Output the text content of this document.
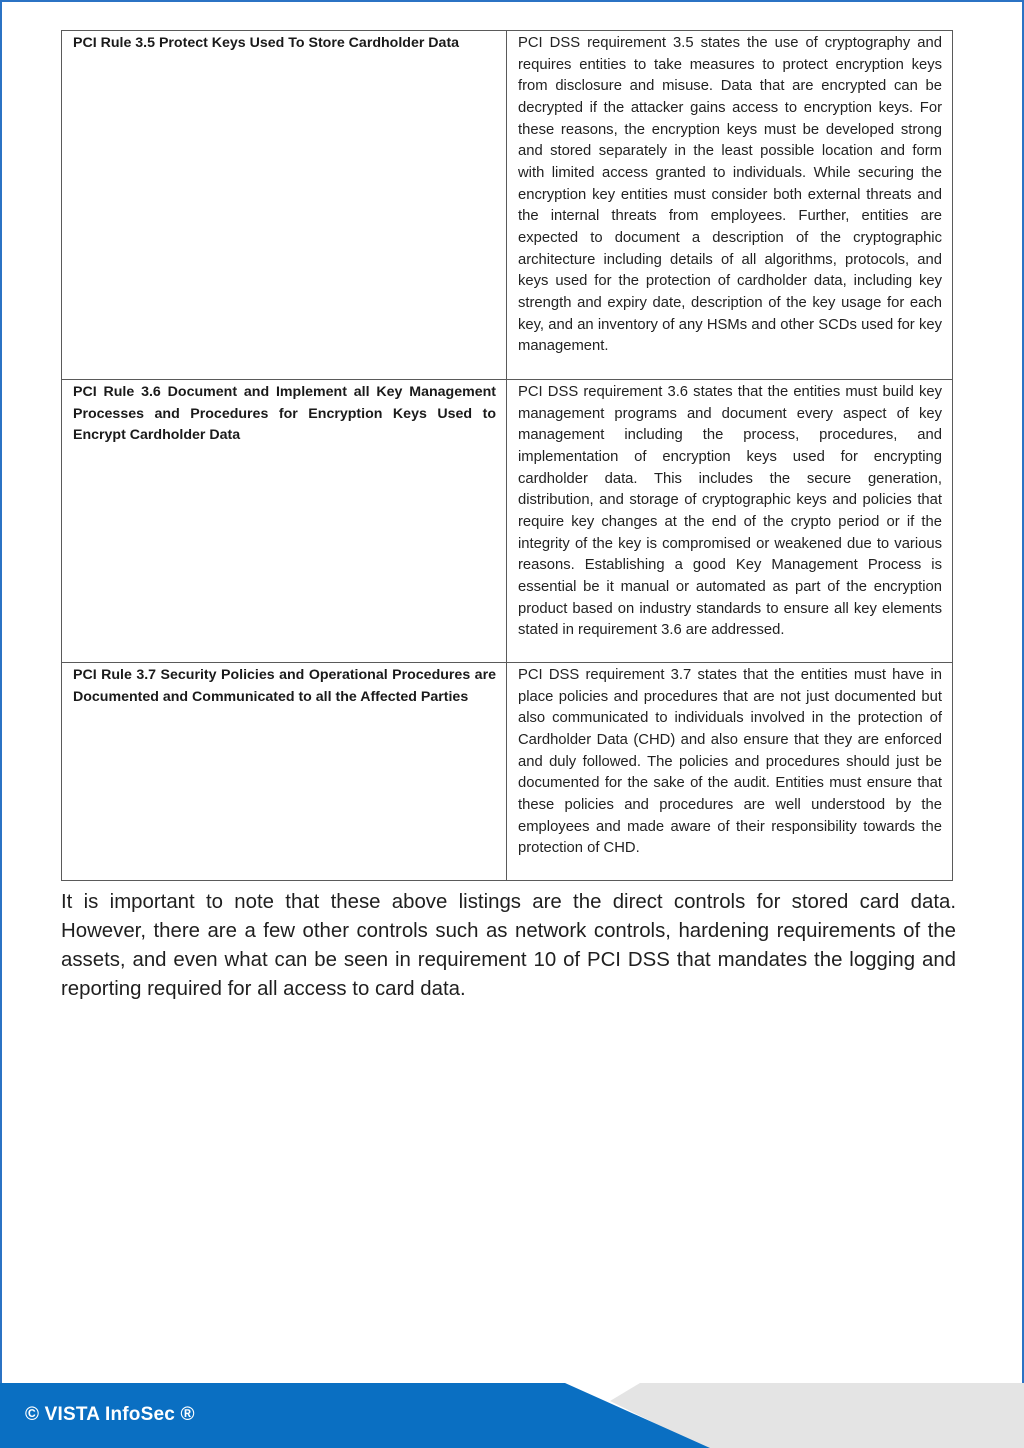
PCI Rule 3.5 Protect Keys Used To Store Cardholder Data	PCI DSS requirement 3.5 states the use of cryptography and requires entities to take measures to protect encryption keys from disclosure and misuse. Data that are encrypted can be decrypted if the attacker gains access to encryption keys. For these reasons, the encryption keys must be developed strong and stored separately in the least possible location and form with limited access granted to individuals. While securing the encryption key entities must consider both external threats and the internal threats from employees. Further, entities are expected to document a description of the cryptographic architecture including details of all algorithms, protocols, and keys used for the protection of cardholder data, including key strength and expiry date, description of the key usage for each key, and an inventory of any HSMs and other SCDs used for key management.

PCI Rule 3.6 Document and Implement all Key Management Processes and Procedures for Encryption Keys Used to Encrypt Cardholder Data	PCI DSS requirement 3.6 states that the entities must build key management programs and document every aspect of key management including the process, procedures, and implementation of encryption keys used for encrypting cardholder data. This includes the secure generation, distribution, and storage of cryptographic keys and policies that require key changes at the end of the crypto period or if the integrity of the key is compromised or weakened due to various reasons. Establishing a good Key Management Process is essential be it manual or automated as part of the encryption product based on industry standards to ensure all key elements stated in requirement 3.6 are addressed.

PCI Rule 3.7 Security Policies and Operational Procedures are Documented and Communicated to all the Affected Parties	PCI DSS requirement 3.7 states that the entities must have in place policies and procedures that are not just documented but also communicated to individuals involved in the protection of Cardholder Data (CHD) and also ensure that they are enforced and duly followed. The policies and procedures should just be documented for the sake of the audit. Entities must ensure that these policies and procedures are well understood by the employees and made aware of their responsibility towards the protection of CHD.

It is important to note that these above listings are the direct controls for stored card data. However, there are a few other controls such as network controls, hardening requirements of the assets, and even what can be seen in requirement 10 of PCI DSS that mandates the logging and reporting required for all access to card data.

© VISTA InfoSec ®
